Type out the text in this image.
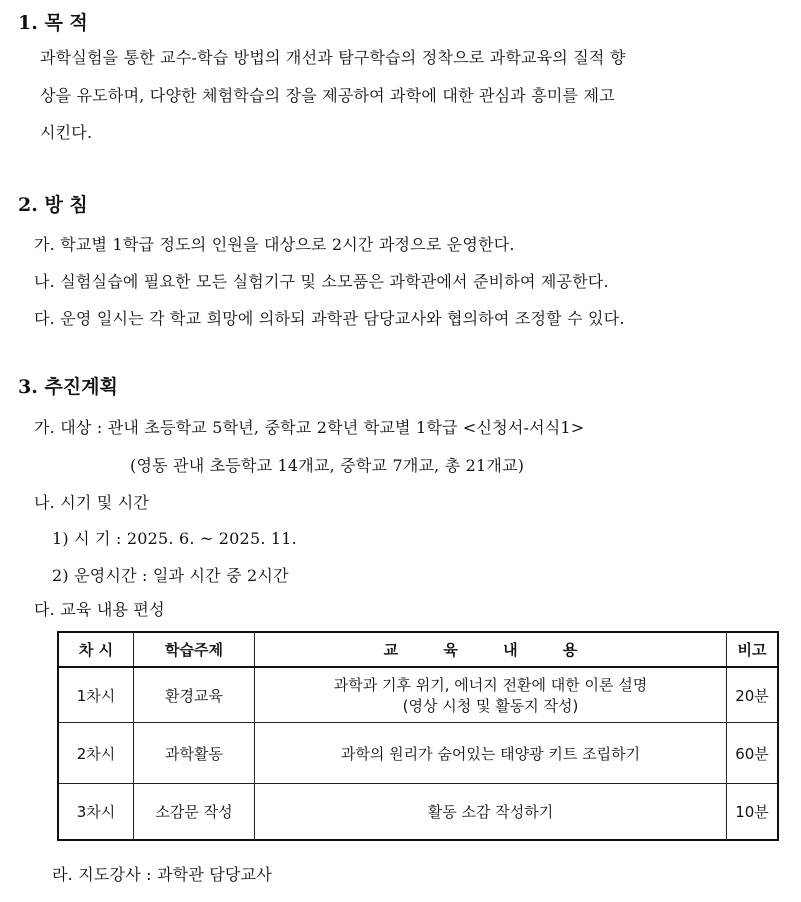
1. 목 적
과학실험을 통한 교수-학습 방법의 개선과 탐구학습의 정착으로 과학교육의 질적 향
상을 유도하며, 다양한 체험학습의 장을 제공하여 과학에 대한 관심과 흥미를 제고
시킨다.
2. 방 침
가. 학교별 1학급 정도의 인원을 대상으로 2시간 과정으로 운영한다.
나. 실험실습에 필요한 모든 실험기구 및 소모품은 과학관에서 준비하여 제공한다.
다. 운영 일시는 각 학교 희망에 의하되 과학관 담당교사와 협의하여 조정할 수 있다.
3. 추진계획
가. 대상 : 관내 초등학교 5학년, 중학교 2학년 학교별 1학급 <신청서-서식1>
(영동 관내 초등학교 14개교, 중학교 7개교, 총 21개교)
나. 시기 및 시간
1) 시 기 : 2025. 6. ~ 2025. 11.
2) 운영시간 : 일과 시간 중 2시간
다. 교육 내용 편성
차 시	학습주제	교 육 내 용	비고
1차시	환경교육	과학과 기후 위기, 에너지 전환에 대한 이론 설명
(영상 시청 및 활동지 작성)	20분
2차시	과학활동	과학의 원리가 숨어있는 태양광 키트 조립하기	60분
3차시	소감문 작성	활동 소감 작성하기	10분
라. 지도강사 : 과학관 담당교사
